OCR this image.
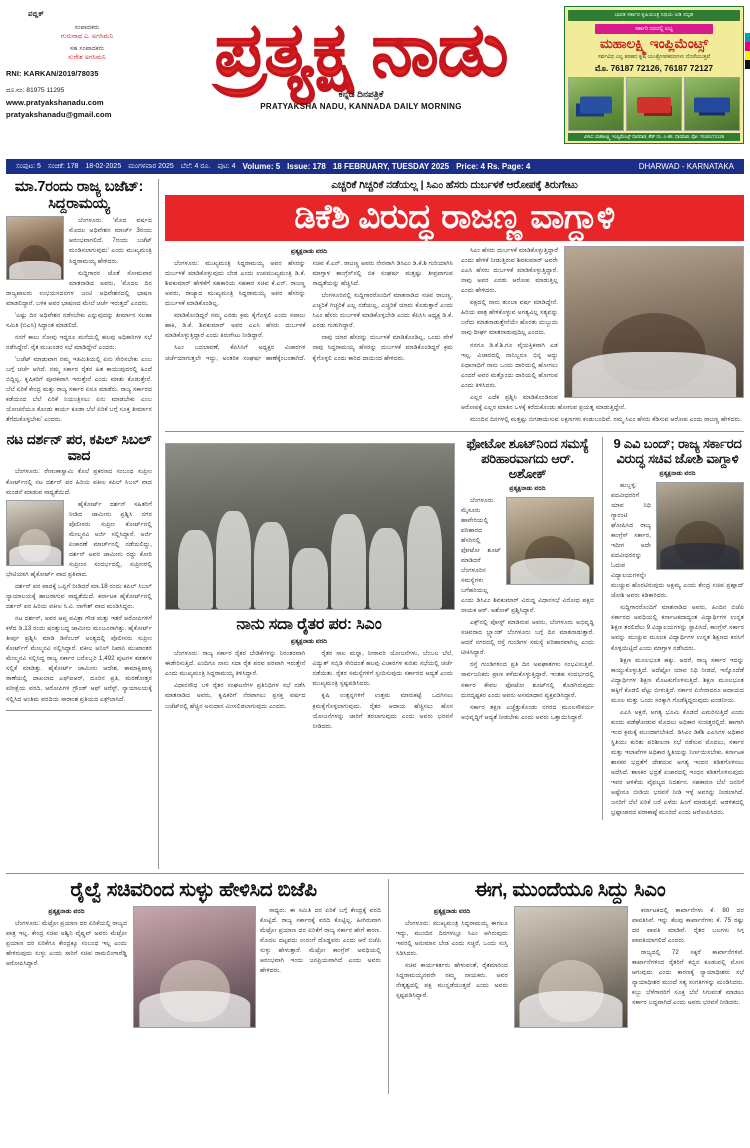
ಪಬ್ಲಿಕ್
ಸಂಪಾದಕರು
ಗುರುನಾಥ ಎ. ಅಗಸಿಮನಿ
ಸಹ ಸಂಪಾದಕರು
ಸುರೇಶ ಅಗಸಿಮನಿ
RNI: KARKAN/2019/78035
ದೂ.ನಂ: 81975 11295
www.pratyakshanadu.com
pratyakshanadu@gmail.com
ಪ್ರತ್ಯಕ್ಷ ನಾಡು
ಕನ್ನಡ ದಿನಪತ್ರಿಕೆ
PRATYAKSHA NADU, KANNADA DAILY MORNING
ಭಾರತ ಸರ್ಕಾರ ಕೃಷಿಯಂತ್ರ ನಿಧಿಯ ಅಡಿ ಸಬ್ಸಿಡಿ
ಸರ್ಕಾರಿ ದರದಲ್ಲಿ ಲಭ್ಯ
ಮಹಾಲಕ್ಷ್ಮಿ ಇಂಪ್ಲಿಮೆಂಟ್ಸ್
ಸರ್ವವಿಧ ಎಲ್ಲ ತರಹದ ಕೃಷಿ ಯಂತ್ರೋಪಕರಣಗಳು ದೊರೆಯುತ್ತವೆ
ಮೊ. 76187 72126, 76187 72127
ವಿಳಾಸ: ಮಹಾಲಕ್ಷ್ಮಿ ಇಂಪ್ಲಿಮೆಂಟ್ಸ್ ಧಾರವಾಡ, ಶೆಡ್ ನಂ. ಎ-88, ಧಾರವಾಡ, ಫೋ: 7618172126
ಸಂಪುಟ: 5 ಸಂಚಿಕೆ: 178 18-02-2025 ಮಂಗಳವಾರ 2025 ಬೆಲೆ: 4 ರೂ. ಪುಟ: 4 Volume: 5 Issue: 178 18 FEBRUARY, TUESDAY 2025 Price: 4 Rs. Page: 4	DHARWAD - KARNATAKA
ಮಾ.7ರಂದು ರಾಜ್ಯ ಬಜೆಟ್: ಸಿದ್ದರಾಮಯ್ಯ

ಬೆಂಗಳೂರು: 'ಮೊದ ವರ್ಷದ ಮೊದಲ ಅಧಿವೇಶನ ಮಾರ್ಚ್ 3ರಂದು ಆರಂಭವಾಗಲಿದೆ. 7ರಂದು ಬಜೆಟ್ ಮಂಡಿಸಲಾಗುವುದು' ಎಂದು ಮುಖ್ಯಮಂತ್ರಿ ಸಿದ್ದರಾಮಯ್ಯ ಹೇಳಿದರು.

ಸುದ್ದಿಗಾರರ ಜೊತೆ ಸೋಮವಾರ ಮಾತನಾಡಿದ ಅವರು, 'ಮೊದಲ ದಿನ ರಾಜ್ಯಪಾಲರು ಉಭಯಸದನಗಳ ಜಂಟಿ ಅಧಿವೇಶನದಲ್ಲಿ ಭಾಷಣ ಮಾಡಲಿದ್ದಾರೆ. ಬಳಿಕ ಅವರ ಭಾಷಣದ ಮೇಲೆ ಚರ್ಚೆ ಇರುತ್ತದೆ' ಎಂದರು.

'ಎಷ್ಟು ದಿನ ಅಧಿವೇಶನ ನಡೆಸಬೇಕು ಎನ್ನುವುದನ್ನು ತೀರ್ಮಾನ ಸಲಹಾ ಸಮಿತಿ (ಬಿಎಸಿ) ಸಿದ್ಧಾಂತ ಮಾಡಲಿದೆ.

ನನಗೆ ಕಾಲು ನೋವು ಇದ್ದರೂ ಮನೆಯಲ್ಲಿ ಹಲವು ಅಧಿಕಾರಿಗಳ ಸಭೆ ನಡೆಸಿದ್ದೇನೆ. ರೈತ ಮುಖಂಡರ ಸಭೆ ಮಾಡಿದ್ದೇನೆ ಎಂದರು.

'ಬಜೆಟ್ ಮಾಡುವಾಗ ನಮ್ಮ ಇತಿಮಿತಿಯಲ್ಲಿ ಏನು ಸೇರಿಸಬೇಕು ಎಂಬ ಬಗ್ಗೆ ಚರ್ಚೆ ಆಗಿದೆ. ನಮ್ಮ ಸರ್ಕಾರ ರೈತರ ಹಿತ ಕಾಯುವುದರಲ್ಲಿ ಹಿಂದೆ ಬಿದ್ದಿಲ್ಲ. ಕೃಷಿಕರಿಗೆ ಪೂರಕವಾಗಿ ಇರುತ್ತೇನೆ ಎಂದು ಮಾತು ಕೊಡುತ್ತೇನೆ. ಬೆಲೆ ಏರಿಕೆ ಕೇಂದ್ರ ಮತ್ತು ರಾಜ್ಯ ಸರ್ಕಾರ ಏನೂ ಮಾಡೆನು. ರಾಜ್ಯ ಸರ್ಕಾರದ ಕಡೆಯಿಂದ ಬೆಲೆ ಏರಿಕೆ ನಿಯಂತ್ರಿಸಲು ಏನು ಮಾಡಬೇಕು ಎಂಬ ಯೋಚನೆಯೂ ಕೊಂಡು ಕಾರ್ಯ ಕೂಡಾ ಬೆಲೆ ಏರಿಕೆ ಬಗ್ಗೆ ಸೂಕ್ತ ತೀರ್ಮಾನ ತೆಗೆದುಕೊಳ್ಳಬೇಕು' ಎಂದರು.

ನಟ ದರ್ಶನ್ ಪರ, ಕಪಿಲ್ ಸಿಬಲ್ ವಾದ

ಬೆಂಗಳೂರು: ರೇಣುಕಾಸ್ವಾಮಿ ಕೊಲೆ ಪ್ರಕರಣದ ಸಂಬಂಧ ಸುಪ್ರೀಂ ಕೋರ್ಟ್‌ನಲ್ಲಿ ನಟ ದರ್ಶನ್ ಪರ ಹಿರಿಯ ವಕೀಲ ಕಪಿಲ್ ಸಿಬಲ್ ವಾದ ಮಂಡನೆ ಮಾಡುವ ಸಾಧ್ಯತೆಯಿದೆ.

ಹೈಕೋರ್ಟ್ ದರ್ಶನ್ ಸಹಿತರಿಗೆ ನೀಡಿದ ಜಾಮೀನು ಪ್ರಶ್ನಿಸಿ ನಗರ ಪೊಲೀಸರು ಸುಪ್ರೀಂ ಕೋರ್ಟ್‌ನಲ್ಲಿ ಮೇಲ್ಮನವಿ ಅರ್ಜಿ ಸಲ್ಲಿಸಿದ್ದಾರೆ. ಅರ್ಜಿ ಏಚಾರಣೆ ಮಾರ್ಚ್‌ನಲ್ಲಿ ನಡೆಯಲಿದ್ದು, ದರ್ಶನ್ ಅವರ ಜಾಮೀನು ರದ್ದು ಕೋರಿ ಸುಪ್ರೀಂನ ಸಂದರ್ಭದಲ್ಲಿ, ಸುಪ್ರೀಂರಲ್ಲಿ ಭೇಟಿಯಾಗಿ ಹೈಕೋರ್ಟ್ ವಾದ ಪ್ರತಿವಾದ.

ದರ್ಶನ್ ಪರ ವಾದಕ್ಕೆ ಒಪ್ಪಿಗೆ ನೀಡಿದರೆ ಮಾ.18 ರಂದು ಕಪಿಲ್ ಸಿಬಲ್ ನ್ಯಾಯಾಲಯಕ್ಕೆ ಹಾಜರಾಗುವ ಸಾಧ್ಯತೆಯಿದೆ. ಕರ್ನಾಟಕ ಹೈಕೋರ್ಟ್‌ನಲ್ಲಿ ದರ್ಶನ್ ಪರ ಹಿರಿಯ ವಕೀಲ ಸಿ.ವಿ. ನಾಗೇಶ್ ವಾದ ಮಂಡಿಸಿದ್ದರು.

ನಟ ದರ್ಶನ್, ಅವರ ಆಪ್ತ ಪವಿತ್ರಾ ಗೌಡ ಮತ್ತು ಇತರೆ ಆರೋಪಿಗಳಿಗೆ ಕಳೆದ ಡಿ.13 ರಂದು ಷರತ್ತುಬದ್ಧ ಜಾಮೀನು ಮಂಜೂರಾಗಿತ್ತು. ಹೈಕೋರ್ಟ್ ತೀರ್ಪು ಪ್ರಶ್ನಿಸಿ ಮಾಡಿ ಡಿಸೆಂಬರ್ ಅಂತ್ಯದಲ್ಲಿ ಪೊಲೀಸರು ಸುಪ್ರೀಂ ಕೋರ್ಟ್‌ಗೆ ಮೇಲ್ಮನವಿ ಸಲ್ಲಿಸಿದ್ದಾರೆ. ವಕೀಲ ಅನಿಲ್ ನಿಖಾನಿ ಮುಖಾಂತರ ಮೇಲ್ಮನವಿ ಸಲ್ಲಿಸಿದ್ದ ರಾಜ್ಯ ಸರ್ಕಾರ ಬರೊಬ್ಬರಿ 1,492 ಪುಟಗಳ ಕಡತಗಳ ಸಲ್ಲಿಕೆ ಮಾಡಿತ್ತು. ಹೈಕೋರ್ಟ್ ಜಾಮೀನು ಆದೇಶ, ಕಾಮಾಕ್ಷಿಪಾಳ್ಯ ಠಾಣೆಯಲ್ಲಿ ದಾಖಲಾದ ಎಫ್‌ಐಆರ್, ದೂರಿನ ಪ್ರತಿ, ಮರಣೋತ್ತರ ಪರೀಕ್ಷೆಯ ವರದಿ, ಆರೋಪಿಗಳ ಗ್ರೌಂಡ್ ಆಫ್ ಅರೆಸ್ಟ್, ನ್ಯಾಯಾಲಯಕ್ಕೆ ಸಲ್ಲಿಸಿದ ಅಂತಿಮ ವರದಿಯ ಸಾರಾಂಶ ಪ್ರತಿಯದ ಎಕ್ಸ್‌ಲಾಸಿದೆ.

ಎಚ್ಚರಿಕೆ ಗಿಚ್ಚರಿಕೆ ನಡೆಯಲ್ಲ | ಸಿಎಂ ಹೆಸರು ದುರ್ಬಳಕೆ ಆರೋಪಕ್ಕೆ ತಿರುಗೇಟು
ಡಿಕೆಶಿ ವಿರುದ್ಧ ರಾಜಣ್ಣ ವಾಗ್ದಾಳಿ
ಪ್ರತ್ಯಕ್ಷನಾಡು ವರದಿ

ಬೆಂಗಳೂರು: ಮುಖ್ಯಮಂತ್ರಿ ಸಿದ್ದರಾಮಯ್ಯ ಅವರ ಹೆಸರನ್ನು ದುರ್ಬಳಕೆ ಮಾಡಿಕೊಳ್ಳುವುದು ಬೇಡ ಎಂದು ಉಪಮುಖ್ಯಮಂತ್ರಿ ಡಿ.ಕೆ. ಶಿವಕುಮಾರ್ ಹೇಳಿಕೆಗೆ ಸಹಕಾರಿಯ ಸಹಕಾರ ಸಚಿವ ಕೆ.ಎನ್. ರಾಜಣ್ಣ ಅವರು, ರಾಜ್ಯಾದ ಮುಖ್ಯಮಂತ್ರಿ ಸಿದ್ದರಾಮಯ್ಯ ಅವರ ಹೆಸರನ್ನು ದುರ್ಬಳಕೆ ಮಾಡಿಕೊಂಡಿಲ್ಲ.

ಮಾಡಿಕೊಂಡಿದ್ದರೆ ನಮ್ಮ ಎರಡು ಕ್ರಮ ಕೈಗೊಳ್ಳಲಿ ಎಂದು ಸವಾಲು ಹಾಕಿ, ಡಿ.ಕೆ. ಶಿವಕುಮಾರ್ ಅವರ ಎಎಸಿ ಹೆಸರು ದುರ್ಬಳಕೆ ಮಾಡಿಕೊಳ್ಳುತ್ತಿದ್ದಾರೆ ಎಂದು ತಿರುಗೇಟು ನೀಡಿದ್ದಾರೆ.

ಸಿಎಂ ಬದಲಾವಣೆ, ಕೆಪಿಸಿಸಿಗೆ ಅಧ್ಯಕ್ಷರ ವಿಚಾರಗಳ ಚರ್ಚೆಯಾಗುತ್ತಲೇ ಇದ್ದು, ಅಂತರಿಕ ಸಂಘರ್ಷ ಹಾಣೆಕ್ಕೆಂಬಂತಾಗಿದೆ. ಸಚಿವ ಕೆ.ಎನ್. ರಾಜಣ್ಣ ಅವರು ನೇರವಾಗಿ ಡಿಸಿಎಂ ಡಿ.ಕೆ.ಶಿ ಗುರಿಯಾಗಿಸಿ ಮಾಗ್ತಾಳ ಕಾಂಗ್ರೆಸ್‌ನಲ್ಲಿ ಬಿಕ ಸಂಘರ್ಷ ಮತ್ತಷ್ಟು ತೀವ್ರವಾಗುವ ಸಾಧ್ಯತೆಯನ್ನು ಹೆಚ್ಚಿಸಿದೆ.

ಬೆಂಗಳೂರಿನಲ್ಲಿ ಸುದ್ದಿಗಾರರೊಂದಿಗೆ ಮಾತನಾಡಿದ ಸಚಿವ ರಾಜಣ್ಣ, ಎಚ್ಚರಿಕೆ ಗಿಚ್ಚರಿಕೆ ಎಲ್ಲ ನಡೆಯಲ್ಲ, ಎಚ್ಚರಿಕೆ ಯಾರು ಕೊಡುತ್ತಾರೆ ಎಂದು ಸಿಎಂ ಹೆಸರು ದುರ್ಬಳಕೆ ಮಾಡಿಕೊಳ್ಳಬೇಡಿ ಎಂದು ಕೆಪಿಸಿಸಿ ಅಧ್ಯಕ್ಷ ಡಿ.ಕೆ. ಎರಡು ಗುಡುಗಿದ್ದಾರೆ.

ನಾವು ಯಾರ ಹೆಸರನ್ನು ದುರ್ಬಳಕೆ ಮಾಡಿಕೊಂಡಿಲ್ಲ, ಒಂದು ವೇಳೆ ನಾವು ಸಿದ್ದರಾಮಯ್ಯ ಹೆಸರನ್ನು ದುರ್ಬಳಕೆ ಮಾಡಿಕೊಂಡಿದ್ದರೆ ಕ್ರಮ ಕೈಗೊಳ್ಳಲಿ ಎಂದು ಕಾರಿದ ದಾಯಿಂದ ಹೇಳಿದರು.

ಸಿಎಂ ಹೆಸರು ದುರ್ಬಳಕೆ ಮಾಡಿಕೊಳ್ಳುತ್ತಿದ್ದಾರೆ ಎಂದು ಹೇಳಿಕೆ ನೀಡುತ್ತಿರುವ ಶಿವಕುಮಾರ್ ಅವರೇ ಎಎಸಿ ಹೆಸರು ದುರ್ಬಳಕೆ ಮಾಡಿಕೊಳ್ಳುತ್ತಿದ್ದಾರೆ. ನಾವು ಅವರ ಎರಡು ಆರೋಪ ಮಾಡುತ್ತಿಲ್ಲ ಎಂದು ಹೇಳಿದರು.

ಪಕ್ಷದಲ್ಲಿ ನಾನು ತುಂಬಾ ವರ್ಷ ಮಾಡಿದ್ದೇನೆ. ಹಿರಿಯ ಪಾತ್ರ ಹೇಳಿಕೊಳ್ಳುವ ಅಗತ್ಯವಿಲ್ಲ ಸತ್ಯವನ್ನು ಬರೆದು ಮಾತನಾಡುತ್ತೇನೆಯೇ ಹೊರತು ದುಬ್ಬುದು ನಾವು ದೀರ್ಘ ಮಾತನಾಡುವುದಿಲ್ಲ ಎಂದರು.

ನನಗೂ ಡಿ.ಕೆ.ಶಿ.ಗೂ ವೈಯಕ್ತಿಕವಾಗಿ ಎಡ ಇಲ್ಲ. ವಿಚಾರದಲ್ಲಿ ನಾನಿಬ್ಬರೂ ಭಿನ್ನ ಆದ್ದು ಏಧಾನಾಧಿಗೆ ನಾನು ಒಂದು ದಾರಿಯಲ್ಲಿ ಹೋಗಲು ಎಂದರೆ ಅವರ ಮತ್ತೊಂದು ದಾರಿಯಲ್ಲಿ ಹೋಗುವ ಎಂದು ತಿಳಿಸಿದರು.

ಎಲ್ಲರ ಎದೆಕ ಪ್ರಶ್ನಿಸಿ ಮಾಡಿಕೊಂಡಿರುವ ಆರೋಪಕ್ಕೆ ಎಲ್ಲರ ಮಾತಿನ ಒಳಕ್ಕೆ ಕರೆದುಕೊಂಡು ಹೋಗುವ ಪ್ರಯತ್ನ ಮಾಡುತ್ತಿದ್ದೇನೆ.

ಮುಂದಿನ ದಿನಗಳಲ್ಲಿ ಮತ್ತಷ್ಟು ಬಿಗಡಾಯಿಸುವ ಲಕ್ಷಣಗಳು ಕಂಡುಬಂದಿವೆ. ನಮ್ಮ ಸಿಎಂ ಹೆಸರು ಕೆಡಿಸುವ ಆರೋಪ ಎಂದು ರಾಜಣ್ಣ ಹೇಳಿದರು.

ನಾನು ಸದಾ ರೈತರ ಪರ: ಸಿಎಂ
ಪ್ರತ್ಯಕ್ಷನಾಡು ವರದಿ

ಬೆಂಗಳೂರು: ರಾಜ್ಯ ಸರ್ಕಾರ ರೈತರ ಬೇಡಿಕೆಗಳನ್ನು ನಿರಂತರವಾಗಿ ಈಡೇರಿಸುತ್ತಿದೆ. ಎಂದಿಗೂ ನಾನು ಸದಾ ರೈತ ಪರವ ಪರವಾಗಿ ಇರುತ್ತೇನೆ ಎಂದು ಮುಖ್ಯಮಂತ್ರಿ ಸಿದ್ದರಾಮಯ್ಯ ತಿಳಿಸಿದ್ದಾರೆ.

ವಿಧಾನಸೌಧ ಬಳಿ ರೈತರ ಸಂಘಟನೆಗಳ ಪ್ರತಿನಿಧಿಗಳ ಸಭೆ ನಡೆಸಿ ಮಾತನಾಡಿದ ಅವರು, ಕೃಷಿಕರಿಗೆ ನೆರವಾಗಲು ಪ್ರಸಕ್ತ ವರ್ಷದ ಬಜೆಟ್‌ನಲ್ಲಿ ಹೆಚ್ಚಿನ ಅನುದಾನ ಮೀಸಲಿಡಲಾಗುವುದು ಎಂದರು.

ರೈತರ ಸಾಲ ಮನ್ನಾ, ನೀರಾವರಿ ಯೋಜನೆಗಳು, ಬೆಂಬಲ ಬೆಲೆ, ವಿದ್ಯುತ್ ಸಬ್ಸಿಡಿ ಸೇರಿದಂತೆ ಹಲವು ವಿಚಾರಗಳ ಕುರಿತು ಸಭೆಯಲ್ಲಿ ಚರ್ಚೆ ನಡೆಯಿತು. ರೈತರ ಸಮಸ್ಯೆಗಳಿಗೆ ಸ್ಪಂದಿಸುವುದು ಸರ್ಕಾರದ ಆದ್ಯತೆ ಎಂದು ಮುಖ್ಯಮಂತ್ರಿ ಸ್ಪಷ್ಟಪಡಿಸಿದರು.

ಕೃಷಿ ಉತ್ಪನ್ನಗಳಿಗೆ ಉತ್ತಮ ಮಾರುಕಟ್ಟೆ ಒದಗಿಸಲು ಕ್ರಮಕೈಗೊಳ್ಳಲಾಗುವುದು. ರೈತರ ಆದಾಯ ಹೆಚ್ಚಿಸಲು ಹೊಸ ಯೋಜನೆಗಳನ್ನು ಜಾರಿಗೆ ತರಲಾಗುವುದು ಎಂದು ಅವರು ಭರವಸೆ ನೀಡಿದರು.

ಫೋಟೋ ಶೂಟ್‌ನಿಂದ ಸಮಸ್ಯೆ
ಪರಿಹಾರವಾಗದು ಆರ್. ಅಶೋಕ್
ಪ್ರತ್ಯಕ್ಷನಾಡು ವರದಿ

ಬೆಂಗಳೂರು: ಮೈಸೂರು ಹಾವೇರಿಯಲ್ಲಿ ಪರಿಹಾರದ ಹೆಸರಿನಲ್ಲಿ ಫೋಟೋ ಶೂಟ್ ಮಾಡಿದರೆ ಬೆಂಗಳೂರಿನ ಸಮಸ್ಯೆಗಳು ಬಗೆಹರಿಯಲ್ಲ ಎಂದು ಡಿಸಿಎಂ ಶಿವಕುಮಾರ್ ವಿರುದ್ಧ ವಿಧಾನಸಭೆ ವಿರೋಧ ಪಕ್ಷದ ನಾಯಕ ಆರ್. ಅಶೋಕ್ ಪ್ರಶ್ನಿಸಿದ್ದಾರೆ.

ಎಕ್ಸ್‌ನಲ್ಲಿ ಪೋಸ್ಟ್ ಮಾಡಿರುವ ಅವರು, ಬೆಂಗಳೂರು ಅಭಿವೃದ್ಧಿ ಸಚಿವರಾದ ಬ್ರ್ಯಾಂಡ್ ಬೆಂಗಳೂರು ಬಗ್ಗೆ ದಿನ ಮಾತನಾಡುತ್ತಾರೆ. ಆದರೆ ನಗರದಲ್ಲಿ ರಸ್ತೆ ಗುಂಡಿಗಳ ಸಮಸ್ಯೆ ಪರಿಹಾರವಾಗಿಲ್ಲ ಎಂದು ಟೀಕಿಸಿದ್ದಾರೆ.

ರಸ್ತೆ ಗುಂಡಿಗಳಿಂದ ಪ್ರತಿ ದಿನ ಅಪಘಾತಗಳು ಸಂಭವಿಸುತ್ತಿವೆ. ಸಾರ್ವಜನಿಕರು ಪ್ರಾಣ ಕಳೆದುಕೊಳ್ಳುತ್ತಿದ್ದಾರೆ. ಇಂತಹ ಸಂದರ್ಭದಲ್ಲಿ ಸರ್ಕಾರ ಕೇವಲ ಫೋಟೋ ಶೂಟ್‌ನಲ್ಲಿ ತೊಡಗಿರುವುದು ದುರದೃಷ್ಟಕರ ಎಂದು ಅವರು ಅಸಮಾಧಾನ ವ್ಯಕ್ತಪಡಿಸಿದ್ದಾರೆ.

ಸರ್ಕಾರ ತಕ್ಷಣ ಎಚ್ಚೆತ್ತುಕೊಂಡು ನಗರದ ಮೂಲಸೌಕರ್ಯ ಅಭಿವೃದ್ಧಿಗೆ ಆದ್ಯತೆ ನೀಡಬೇಕು ಎಂದು ಅವರು ಒತ್ತಾಯಿಸಿದ್ದಾರೆ.

9 ಎವಿ ಬಂದ್; ರಾಜ್ಯ ಸರ್ಕಾರದ
ವಿರುದ್ಧ ಸಚಿವ ಜೋಶಿ ವಾಗ್ದಾಳಿ
ಪ್ರತ್ಯಕ್ಷನಾಡು ವರದಿ

ಹುಬ್ಬಳ್ಳಿ: ಪದವೀಧರರಿಗೆ ಯಾವ ನಿಧಿ ಗ್ಯಾರಂಟಿ ಘೋಷಿಸಿದ ರಾಜ್ಯ ಕಾಂಗ್ರೆಸ್ ಸರ್ಕಾರ, ಇದೀಗ ಅದೇ ಪದವೀಧರರನ್ನು ಓದುವ ವಿದ್ಯಾಲಯಗಳನ್ನೇ ಮುಚ್ಚುವ ಹೊರಟಿರುವುದು ಅಕ್ಷಮ್ಯ ಎಂದು ಕೇಂದ್ರ ಸಚಿವ ಪ್ರಹ್ಲಾದ್ ಜೋಶಿ ಅವರು ಕಿಡಿಕಾರಿದರು.

ಸುದ್ದಿಗಾರರೊಂದಿಗೆ ಮಾತನಾಡಿದ ಅವರು, ಹಿಂದಿನ ಬಿಜೆಪಿ ಸರ್ಕಾರದ ಅವಧಿಯಲ್ಲಿ ಕರ್ನಾಟಕದಾದ್ಯಂತ ವಿದ್ಯಾರ್ಥಿಗಳ ಉನ್ನತ ಶಿಕ್ಷಣ ತರಲಿದೆಲು 9 ವಿದ್ಯಾಲಯಗಳನ್ನು ಸ್ಥಾಪಿಸಿದೆ, ಕಾಂಗ್ರೆಸ್ ಸರ್ಕಾರ ಅವನ್ನು ಮುಚ್ಚುವ ಮೂಲಕ ವಿದ್ಯಾರ್ಥಿಗಳ ಉನ್ನತ ಶಿಕ್ಷಣದ ಕನಸಿಗೆ ಕೊಳ್ಳಿಯಿಟ್ಟಿದೆ ಎಂದು ಮಾಗ್ತಾಳ ನಡೆಸಿದರು.

ಶಿಕ್ಷಣ ಮೂಲಭೂತ ಹಕ್ಕು. ಆದರೆ, ರಾಜ್ಯ ಸರ್ಕಾರ ಇದನ್ನು ಕಾಯ್ದುಕೊಳ್ಳುತ್ತಿದೆ. ಅದೆಷ್ಟೋ ಯಾವ ನಿಧಿ ನೀಡದೆ, ಇನ್ನೊಂದೆಡೆ ವಿದ್ಯಾರ್ಥಿಗಳ ಶಿಕ್ಷಣ ಮೊಟಕುಗೊಳಿಸುತ್ತಿದೆ. ಶಿಕ್ಷಣ ಮೂಲಭೂತ ಹಕ್ಕಿಗೆ ಕೊಡಲಿ ಪೆಟ್ಟು ಬೀಳುತ್ತಿದೆ. ಸರ್ಕಾರ ಏನೇನಾದರೂ ಆದಾಯದ ಮೂಲ ಮತ್ತು ಒಂದು ಸರಕ್ಕಾಗಿ ಗೊಡೆಕ್ಕಿದ್ದರುವುದು ಖಂಡನೀಯ.

ಎಎಸಿ ಅಕ್ಷರೆ, ಅಗತ್ಯ ಭೂಮಿ ಕೊಡದೆ ಎಮರಿಸುತ್ತಿದೆ ಎಂದು ಕುಂದು ಪಡೆಘೋಡುವ ಮೊದಲು ಅಧಿಕಾರ ಸಂಚಿತ್ತರಲ್ಲಿದೆ. ಹಾಗಾಗಿ ಇಂದ ಕ್ರಮಕ್ಕೆ ಮುಂದಾಗಬೇಕಿದೆ. ಡಿಸಿಎಂ ಡಿಕೆಶಿ ಎಎಸಿಗಳ ಅಧಿಕಾರ ಸ್ಥಿತಿಯು ಕುರಿತು ಪರಿಶೀಲನಾ ಸಭೆ ನಡೆಸುವ ಮೊದಲು, ಸರ್ಕಾರ ಮತ್ತು ಇಲಾಖೆಗಳ ಅಧಿಕಾರ ಸ್ಥಿತಿಯನ್ನು ನಿರ್ಣಯಿಸಬೇಕು. ಕರ್ನಾಟಕ ಶಾಸಕರ ಭದ್ರತೆಗೆ ದೇಶದುವ ಅಗತ್ಯ ಇಂದನ ಕಡಿತಗೊಳಿಸಲು ಅದೆಸಿದೆ. ಶಾಸಕರ ಭದ್ರತೆ ಏಚಾರದಲ್ಲಿ ಇಂಧನ ಕಡಿತಗೊಳಿಸುವುದು ಇವರ ಆಳಿಕೆಯ ವೈಫಲ್ಯದ ನಿದರ್ಶನ. ಸಹಕಾರಣ ಬೆಲೆ ಜನರಿಗೆ ಅಷ್ಟೇನೂ ಬೀಡಿಯ ಭರವಸೆ ನೀಡಿ ಇಳ್ಳೆ ಅವರನ್ನು ನೀಡಲಾಗಿದೆ. ಜನರಿಗೆ ಬೆಲೆ ಏರಿಕೆ ಬರೆ ಎಳೆದು ಹಿಂಗೆ ಮಾಡುತ್ತಿದೆ. ಆಡಳಿತದಲ್ಲಿ ಭ್ರಷ್ಟಾಚಾರದ ಪರಾಕಾಷ್ಠೆ ಮೂರಿದೆ ಎಂದು ಆರೋಪಿಸಿದರು.

ರೈಲ್ವೆ ಸಚಿವರಿಂದ ಸುಳ್ಳು ಹೇಳಿಸಿದ ಬಿಜೆಪಿ
ಪ್ರತ್ಯಕ್ಷನಾಡು ವರದಿ

ಬೆಂಗಳೂರು: ಮೆಟ್ರೋ ಪ್ರಯಾಣ ದರ ಏರಿಕೆಯಲ್ಲಿ ರಾಜ್ಯದ ಪಾತ್ರ ಇಲ್ಲ. ಕೇಂದ್ರ ಸಚಿವ ಅಶ್ವಿನಿ ವೈಷ್ಣವ್ ಅವರು ಮೆಟ್ರೋ ಪ್ರಯಾಣ ದರ ಏರಿಕೆಗೂ ಕೇಂದ್ರಕ್ಕೂ ಸಂಬಂಧ ಇಲ್ಲ ಎಂದು ಹೇಳಿರುವುದು ಸುಳ್ಳು ಎಂದು ಸಾರಿಗೆ ಸಚಿವ ರಾಮಲಿಂಗಾರೆಡ್ಡಿ ಆರೋಪಿಸಿದ್ದಾರೆ.

ಸಾಧ್ಯರು. ಈ ಸಮಿತಿ ದರ ಏರಿಕೆ ಬಗ್ಗೆ ಕೇಂದ್ರಕ್ಕೆ ವರದಿ ಕೊಟ್ಟಿದೆ. ರಾಜ್ಯ ಸರ್ಕಾರಕ್ಕೆ ವರದಿ ಕೊಟ್ಟಿಲ್ಲ. ಹೀಗಿರುವಾಗ ಮೆಟ್ರೋ ಪ್ರಯಾಣ ದರ ಏರಿಕೆಗೆ ರಾಜ್ಯ ಸರ್ಕಾರ ಹೇಗೆ ಕಾರಣ. ಮೊದಲ ದಟ್ಟವದು ಉನಂಗೆ ದೊಡ್ಡವರು ಎಂದು ಆರೆ ಬಿಜೆಪಿ ಸುಳ್ಳು ಹೇಳುತ್ತಾರೆ. ಮೆಟ್ರೋ ಕಾಂಗ್ರೆಸ್ ಅವಧಿಯಲ್ಲಿ ಆರಂಭವಾಗಿ ಇಂದು ಜನಪ್ರಿಯವಾಗಿದೆ ಎಂದು ಅವರು ಹೇಳಿದರು.

ಈಗ, ಮುಂದೆಯೂ ಸಿದ್ದು ಸಿಎಂ
ಪ್ರತ್ಯಕ್ಷನಾಡು ವರದಿ

ಬೆಂಗಳೂರು: ಮುಖ್ಯಮಂತ್ರಿ ಸಿದ್ದರಾಮಯ್ಯ ಈಗಲೂ ಇದ್ದು, ಮುಂದಿನ ದಿನಗಳಲ್ಲೂ ಸಿಎಂ ಆಗಿರುವುದು ಇವರಲ್ಲಿ ಅನುಮಾನ ಬೇಡ ಎಂದು ಸಚ್ಚರೆ, ಒಂದು ಸುಸ್ತಿ ಸಿಡಿಸಿದರು.

ಸಚಿವ ಕಾರ್ಯಕರ್ತರು ಹೇಳುವಂತೆ, ರೈತಮಾರಿಂದ ಸಿದ್ದರಾಮಯ್ಯನವರೇ ನಮ್ಮ ನಾಯಕರು. ಅವರ ನೇತೃತ್ವದಲ್ಲಿ ಪಕ್ಷ ಮುನ್ನಡೆಯುತ್ತದೆ ಎಂದು ಅವರು ಸ್ಪಷ್ಟಪಡಿಸಿದ್ದಾರೆ.

ಕರ್ನಾಟಕದಲ್ಲಿ ಕಾರ್ಖಾನೆಗಳು ಕೆ. 80 ದರ ಪಾವತಿಸಿವೆ. ಇನ್ನು ಕೆಲವು ಕಾರ್ಖಾನೆಗಳು ಕೆ. 75 ರಷ್ಟು ದರ ಪಾವತಿ ಮಾಡಿವೆ. ರೈತರ ಬಲಗಳು ಸಿಗ್ಗ ಪಾವತಿಯಾಗಲಿದೆ ಎಂದರು.

ರಾಜ್ಯದಲ್ಲಿ 72 ಸಕ್ಕರೆ ಕಾರ್ಖಾನೆಗಳಿವೆ. ಕಾರ್ಖಾನೆಗಳಿಂದ ರೈತರಿಗೆ ಕಬ್ಬಿನ ಕೂಡುವಲ್ಲಿ ಮೋಸ ಆಗುವುದು ಎಂದು ಕಾರಣಕ್ಕೆ ನ್ಯಾಯಾಧೀಶರು ಸಭೆ ನ್ಯಾಯಾಧೀಶರ ಮುಂದೆ ಸತ್ಯ ಸಂಗತಿಗಳನ್ನು ಮಂಡಿಸಿದರು. ಕಬ್ಬು ಬೆಳೆಗಾರರಿಗೆ ಸೂಕ್ತ ಬೆಲೆ ಸಿಗುವಂತೆ ಮಾಡಲು ಸರ್ಕಾರ ಬದ್ಧವಾಗಿದೆ ಎಂದು ಅವರು ಭರವಸೆ ನೀಡಿದರು.
